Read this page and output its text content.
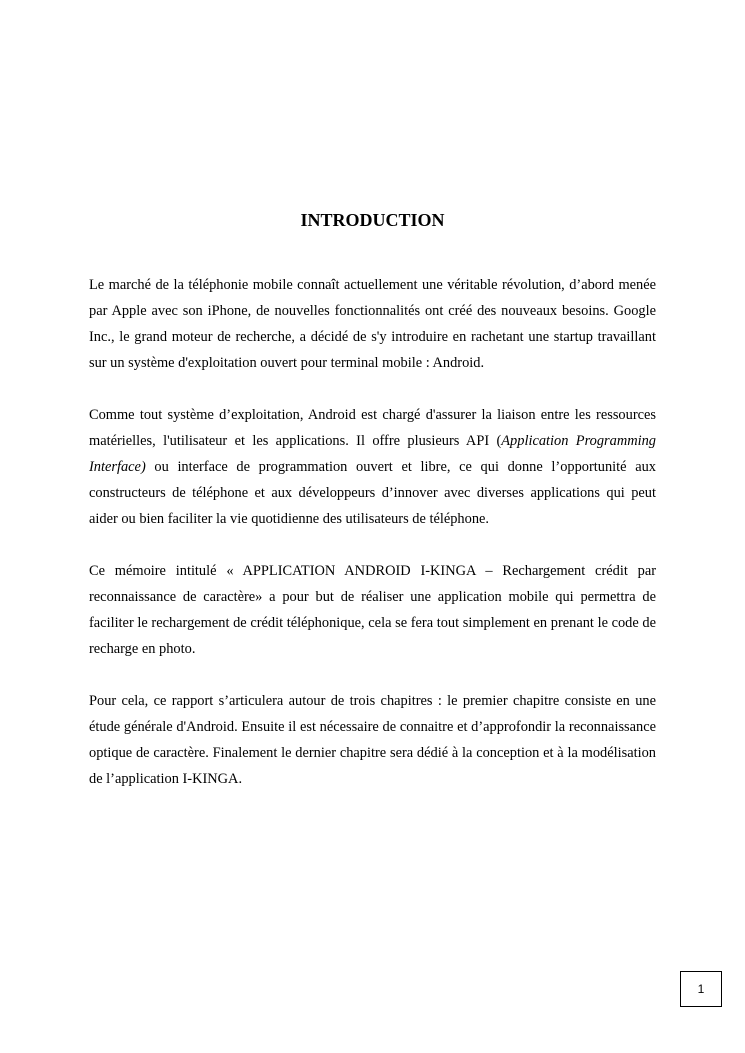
INTRODUCTION

Le marché de la téléphonie mobile connaît actuellement une véritable révolution, d’abord menée par Apple avec son iPhone, de nouvelles fonctionnalités ont créé des nouveaux besoins. Google Inc., le grand moteur de recherche, a décidé de s'y introduire en rachetant une startup travaillant sur un système d'exploitation ouvert pour terminal mobile : Android.

Comme tout système d’exploitation, Android est chargé d'assurer la liaison entre les ressources matérielles, l'utilisateur et les applications. Il offre plusieurs API (Application Programming Interface) ou interface de programmation ouvert et libre, ce qui donne l’opportunité aux constructeurs de téléphone et aux développeurs d’innover avec diverses applications qui peut aider ou bien faciliter la vie quotidienne des utilisateurs de téléphone.

Ce mémoire intitulé « APPLICATION ANDROID I-KINGA – Rechargement crédit par reconnaissance de caractère» a pour but de réaliser une application mobile qui permettra de faciliter le rechargement de crédit téléphonique, cela se fera tout simplement en prenant le code de recharge en photo.

Pour cela, ce rapport s’articulera autour de trois chapitres : le premier chapitre consiste en une étude générale d'Android. Ensuite il est nécessaire de connaitre et d’approfondir la reconnaissance optique de caractère. Finalement le dernier chapitre sera dédié à la conception et à la modélisation de l’application I-KINGA.

1
